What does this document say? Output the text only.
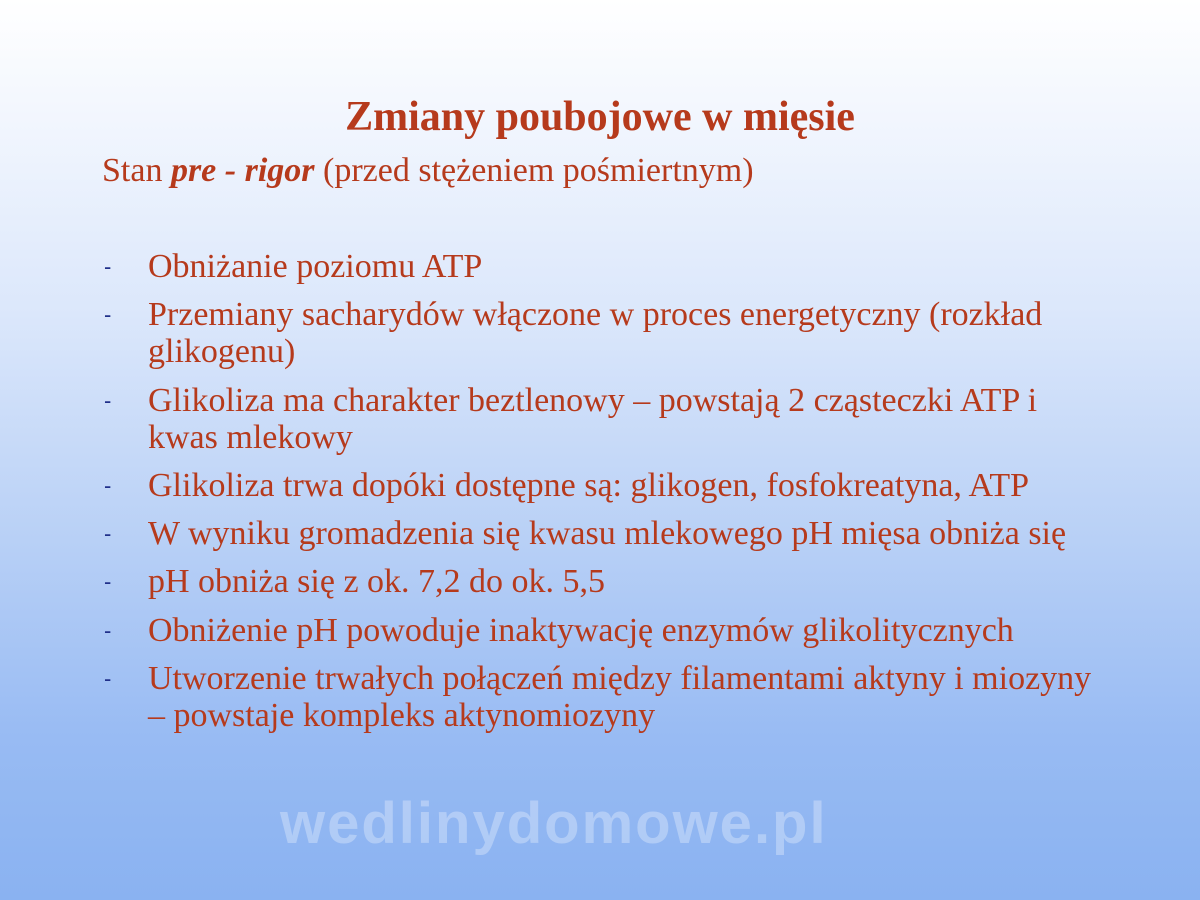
Zmiany poubojowe w mięsie
Stan pre - rigor (przed stężeniem pośmiertnym)
- Obniżanie poziomu ATP
- Przemiany sacharydów włączone w proces energetyczny (rozkład glikogenu)
- Glikoliza ma charakter beztlenowy – powstają 2 cząsteczki ATP i kwas mlekowy
- Glikoliza trwa dopóki dostępne są: glikogen, fosfokreatyna, ATP
- W wyniku gromadzenia się kwasu mlekowego pH mięsa obniża się
- pH obniża się z ok. 7,2 do ok. 5,5
- Obniżenie pH powoduje inaktywację enzymów glikolitycznych
- Utworzenie trwałych połączeń między filamentami aktyny i miozyny – powstaje kompleks aktynomiozyny
wedlinydomowe.pl
